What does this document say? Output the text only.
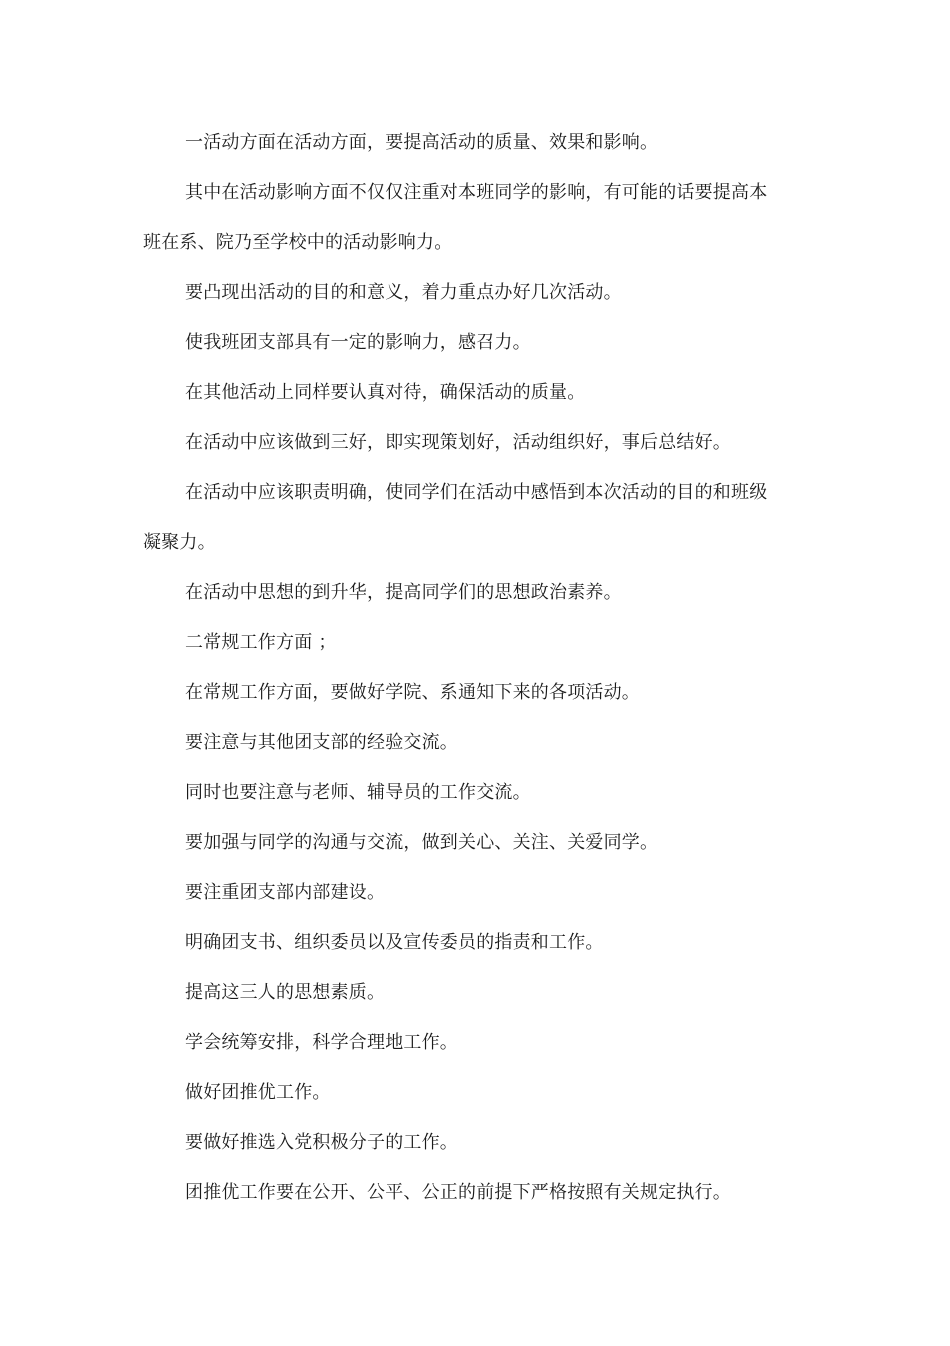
一活动方面在活动方面，要提高活动的质量、效果和影响。

其中在活动影响方面不仅仅注重对本班同学的影响，有可能的话要提高本班在系、院乃至学校中的活动影响力。

要凸现出活动的目的和意义，着力重点办好几次活动。

使我班团支部具有一定的影响力，感召力。

在其他活动上同样要认真对待，确保活动的质量。

在活动中应该做到三好，即实现策划好，活动组织好，事后总结好。

在活动中应该职责明确，使同学们在活动中感悟到本次活动的目的和班级凝聚力。

在活动中思想的到升华，提高同学们的思想政治素养。

二常规工作方面 ；

在常规工作方面，要做好学院、系通知下来的各项活动。

要注意与其他团支部的经验交流。

同时也要注意与老师、辅导员的工作交流。

要加强与同学的沟通与交流，做到关心、关注、关爱同学。

要注重团支部内部建设。

明确团支书、组织委员以及宣传委员的指责和工作。

提高这三人的思想素质。

学会统筹安排，科学合理地工作。

做好团推优工作。

要做好推选入党积极分子的工作。

团推优工作要在公开、公平、公正的前提下严格按照有关规定执行。
